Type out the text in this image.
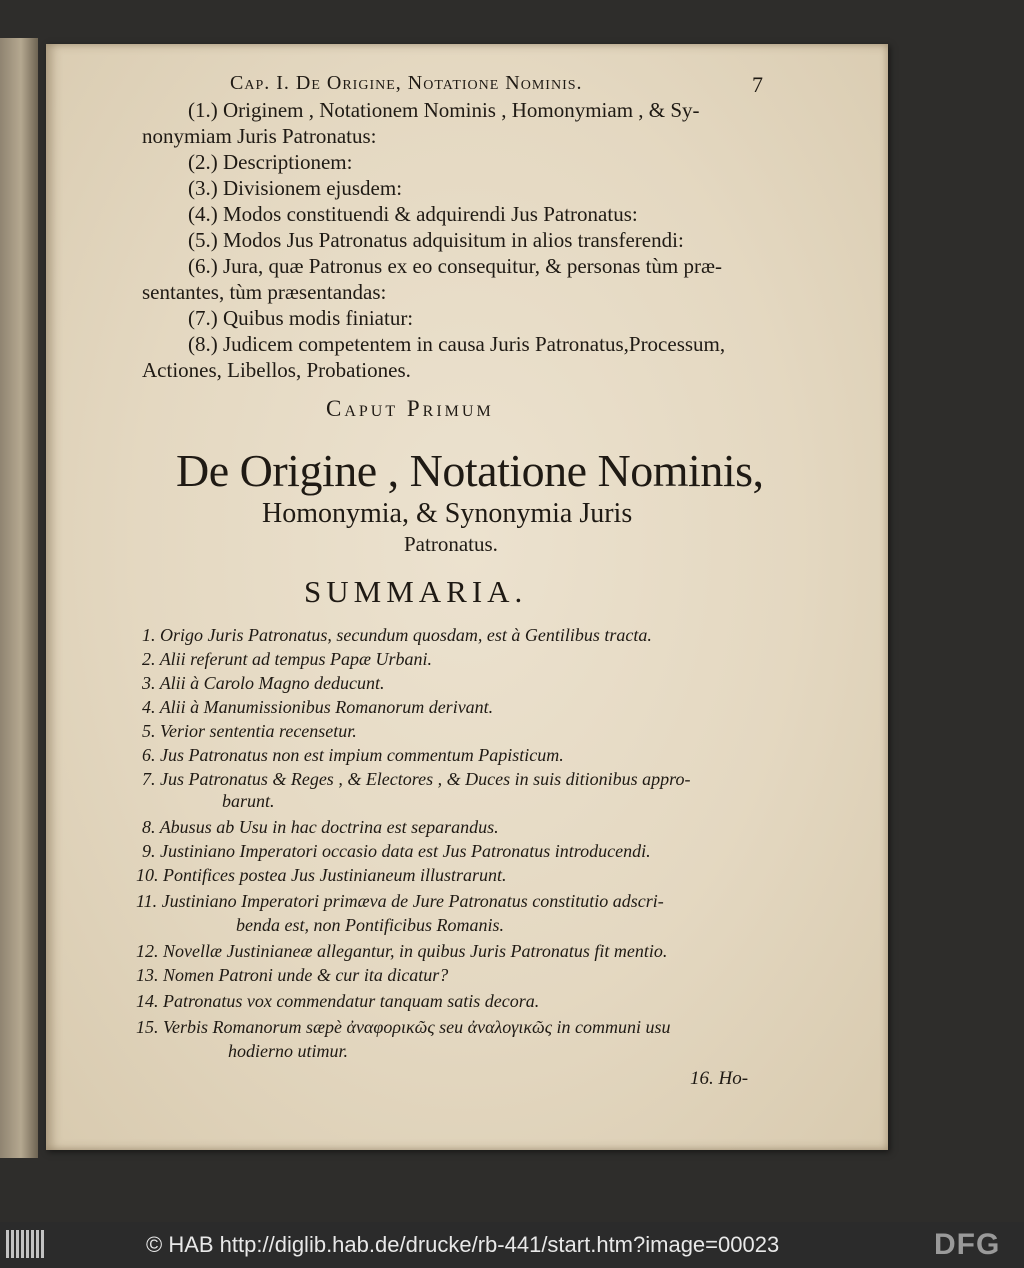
Cap. I. De Origine, Notatione Nominis.	7
(1.) Originem , Notationem Nominis , Homonymiam , & Sy-
nonymiam Juris Patronatus:
(2.) Descriptionem:
(3.) Divisionem ejusdem:
(4.) Modos constituendi & adquirendi Jus Patronatus:
(5.) Modos Jus Patronatus adquisitum in alios transferendi:
(6.) Jura, quæ Patronus ex eo consequitur, & personas tùm præ-
sentantes, tùm præsentandas:
(7.) Quibus modis finiatur:
(8.) Judicem competentem in causa Juris Patronatus,Processum,
Actiones, Libellos, Probationes.
Caput Primum
De Origine , Notatione Nominis,
Homonymia, & Synonymia Juris
Patronatus.
SUMMARIA.
1. Origo Juris Patronatus, secundum quosdam, est à Gentilibus tracta.
2. Alii referunt ad tempus Papæ Urbani.
3. Alii à Carolo Magno deducunt.
4. Alii à Manumissionibus Romanorum derivant.
5. Verior sententia recensetur.
6. Jus Patronatus non est impium commentum Papisticum.
7. Jus Patronatus & Reges , & Electores , & Duces in suis ditionibus appro-
barunt.
8. Abusus ab Usu in hac doctrina est separandus.
9. Justiniano Imperatori occasio data est Jus Patronatus introducendi.
10. Pontifices postea Jus Justinianeum illustrarunt.
11. Justiniano Imperatori primæva de Jure Patronatus constitutio adscri-
benda est, non Pontificibus Romanis.
12. Novellæ Justinianeæ allegantur, in quibus Juris Patronatus fit mentio.
13. Nomen Patroni unde & cur ita dicatur?
14. Patronatus vox commendatur tanquam satis decora.
15. Verbis Romanorum sæpè ἀναφορικῶς seu ἀναλογικῶς in communi usu
hodierno utimur.
16. Ho-
© HAB http://diglib.hab.de/drucke/rb-441/start.htm?image=00023	DFG
